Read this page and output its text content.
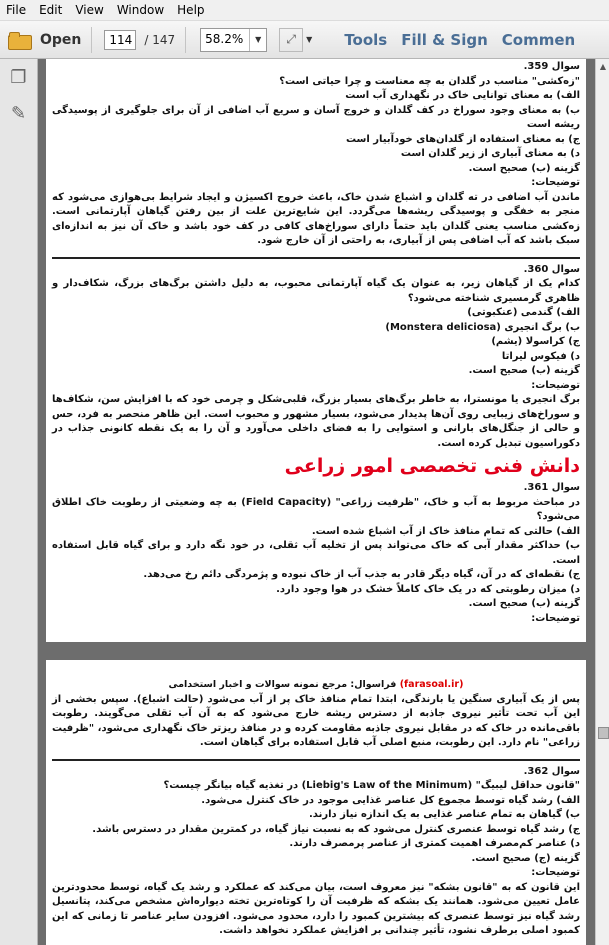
File	Edit	View	Window	Help
Open	114	/ 147	58.2%	▼	⤢	▼ Tools Fill & Sign Commen
❐
✎

سوال 359.

"زه‌کشی" مناسب در گلدان به چه معناست و چرا حیاتی است؟

الف) به معنای توانایی خاک در نگهداری آب است

ب) به معنای وجود سوراخ در کف گلدان و خروج آسان و سریع آب اضافی از آن برای جلوگیری از پوسیدگی ریشه است

ج) به معنای استفاده از گلدان‌های خودآبیار است

د) به معنای آبیاری از زیر گلدان است

گزینه (ب) صحیح است.

توضیحات:

ماندن آب اضافی در ته گلدان و اشباع شدن خاک، باعث خروج اکسیژن و ایجاد شرایط بی‌هوازی می‌شود که منجر به خفگی و پوسیدگی ریشه‌ها می‌گردد. این شایع‌ترین علت از بین رفتن گیاهان آپارتمانی است. زه‌کشی مناسب یعنی گلدان باید حتماً دارای سوراخ‌های کافی در کف خود باشد و خاک آن نیز به اندازه‌ای سبک باشد که آب اضافی پس از آبیاری، به راحتی از آن خارج شود.

سوال 360.

کدام یک از گیاهان زیر، به عنوان یک گیاه آپارتمانی محبوب، به دلیل داشتن برگ‌های بزرگ، شکاف‌دار و ظاهری گرمسیری شناخته می‌شود؟

الف) گندمی (عنکبوتی)

ب) برگ انجیری (Monstera deliciosa)

ج) کراسولا (یشم)

د) فیکوس لیراتا

گزینه (ب) صحیح است.

توضیحات:

برگ انجیری یا مونسترا، به خاطر برگ‌های بسیار بزرگ، قلبی‌شکل و چرمی خود که با افزایش سن، شکاف‌ها و سوراخ‌های زیبایی روی آن‌ها پدیدار می‌شود، بسیار مشهور و محبوب است. این ظاهر منحصر به فرد، حس و حالی از جنگل‌های بارانی و استوایی را به فضای داخلی می‌آورد و آن را به یک نقطه کانونی جذاب در دکوراسیون تبدیل کرده است.

دانش فنی تخصصی امور زراعی

سوال 361.

در مباحث مربوط به آب و خاک، "ظرفیت زراعی" (Field Capacity) به چه وضعیتی از رطوبت خاک اطلاق می‌شود؟

الف) حالتی که تمام منافذ خاک از آب اشباع شده است.

ب) حداکثر مقدار آبی که خاک می‌تواند پس از تخلیه آب ثقلی، در خود نگه دارد و برای گیاه قابل استفاده است.

ج) نقطه‌ای که در آن، گیاه دیگر قادر به جذب آب از خاک نبوده و پژمردگی دائم رخ می‌دهد.

د) میزان رطوبتی که در یک خاک کاملاً خشک در هوا وجود دارد.

گزینه (ب) صحیح است.

توضیحات:

(farasoal.ir) فراسوال: مرجع نمونه سوالات و اخبار استخدامی

پس از یک آبیاری سنگین یا بارندگی، ابتدا تمام منافذ خاک پر از آب می‌شود (حالت اشباع). سپس بخشی از این آب تحت تأثیر نیروی جاذبه از دسترس ریشه خارج می‌شود که به آن آب ثقلی می‌گویند. رطوبت باقی‌مانده در خاک که در مقابل نیروی جاذبه مقاومت کرده و در منافذ ریزتر خاک نگهداری می‌شود، "ظرفیت زراعی" نام دارد. این رطوبت، منبع اصلی آب قابل استفاده برای گیاهان است.

سوال 362.

"قانون حداقل لیبیگ" (Liebig's Law of the Minimum) در تغذیه گیاه بیانگر چیست؟

الف) رشد گیاه توسط مجموع کل عناصر غذایی موجود در خاک کنترل می‌شود.

ب) گیاهان به تمام عناصر غذایی به یک اندازه نیاز دارند.

ج) رشد گیاه توسط عنصری کنترل می‌شود که به نسبت نیاز گیاه، در کمترین مقدار در دسترس باشد.

د) عناصر کم‌مصرف اهمیت کمتری از عناصر پرمصرف دارند.

گزینه (ج) صحیح است.

توضیحات:

این قانون که به "قانون بشکه" نیز معروف است، بیان می‌کند که عملکرد و رشد یک گیاه، توسط محدودترین عامل تعیین می‌شود. همانند یک بشکه که ظرفیت آن را کوتاه‌ترین تخته دیواره‌اش مشخص می‌کند، پتانسیل رشد گیاه نیز توسط عنصری که بیشترین کمبود را دارد، محدود می‌شود. افزودن سایر عناصر تا زمانی که این کمبود اصلی برطرف نشود، تأثیر چندانی بر افزایش عملکرد نخواهد داشت.

▲
